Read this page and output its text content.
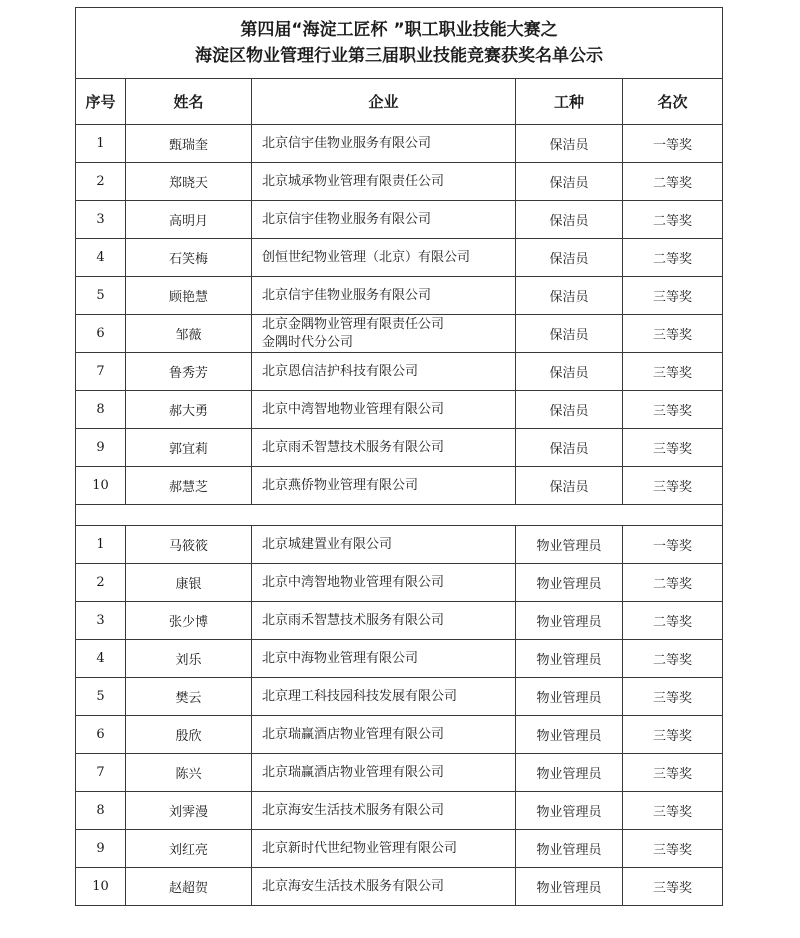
第四届“海淀工匠杯 ”职工职业技能大赛之
海淀区物业管理行业第三届职业技能竞赛获奖名单公示				

序号	姓名	企业	工种	名次
1	甄瑞奎	北京信宇佳物业服务有限公司	保洁员	一等奖
2	郑晓天	北京城承物业管理有限责任公司	保洁员	二等奖
3	高明月	北京信宇佳物业服务有限公司	保洁员	二等奖
4	石笑梅	创恒世纪物业管理（北京）有限公司	保洁员	二等奖
5	顾艳慧	北京信宇佳物业服务有限公司	保洁员	三等奖
6	邹薇	北京金隅物业管理有限责任公司
金隅时代分公司	保洁员	三等奖
7	鲁秀芳	北京恩信洁护科技有限公司	保洁员	三等奖
8	郝大勇	北京中湾智地物业管理有限公司	保洁员	三等奖
9	郭宜莉	北京雨禾智慧技术服务有限公司	保洁员	三等奖
10	郝慧芝	北京燕侨物业管理有限公司	保洁员	三等奖

1	马筱筱	北京城建置业有限公司	物业管理员	一等奖
2	康银	北京中湾智地物业管理有限公司	物业管理员	二等奖
3	张少博	北京雨禾智慧技术服务有限公司	物业管理员	二等奖
4	刘乐	北京中海物业管理有限公司	物业管理员	二等奖
5	樊云	北京理工科技园科技发展有限公司	物业管理员	三等奖
6	殷欣	北京瑞赢酒店物业管理有限公司	物业管理员	三等奖
7	陈兴	北京瑞赢酒店物业管理有限公司	物业管理员	三等奖
8	刘霁漫	北京海安生活技术服务有限公司	物业管理员	三等奖
9	刘红亮	北京新时代世纪物业管理有限公司	物业管理员	三等奖
10	赵超贺	北京海安生活技术服务有限公司	物业管理员	三等奖
